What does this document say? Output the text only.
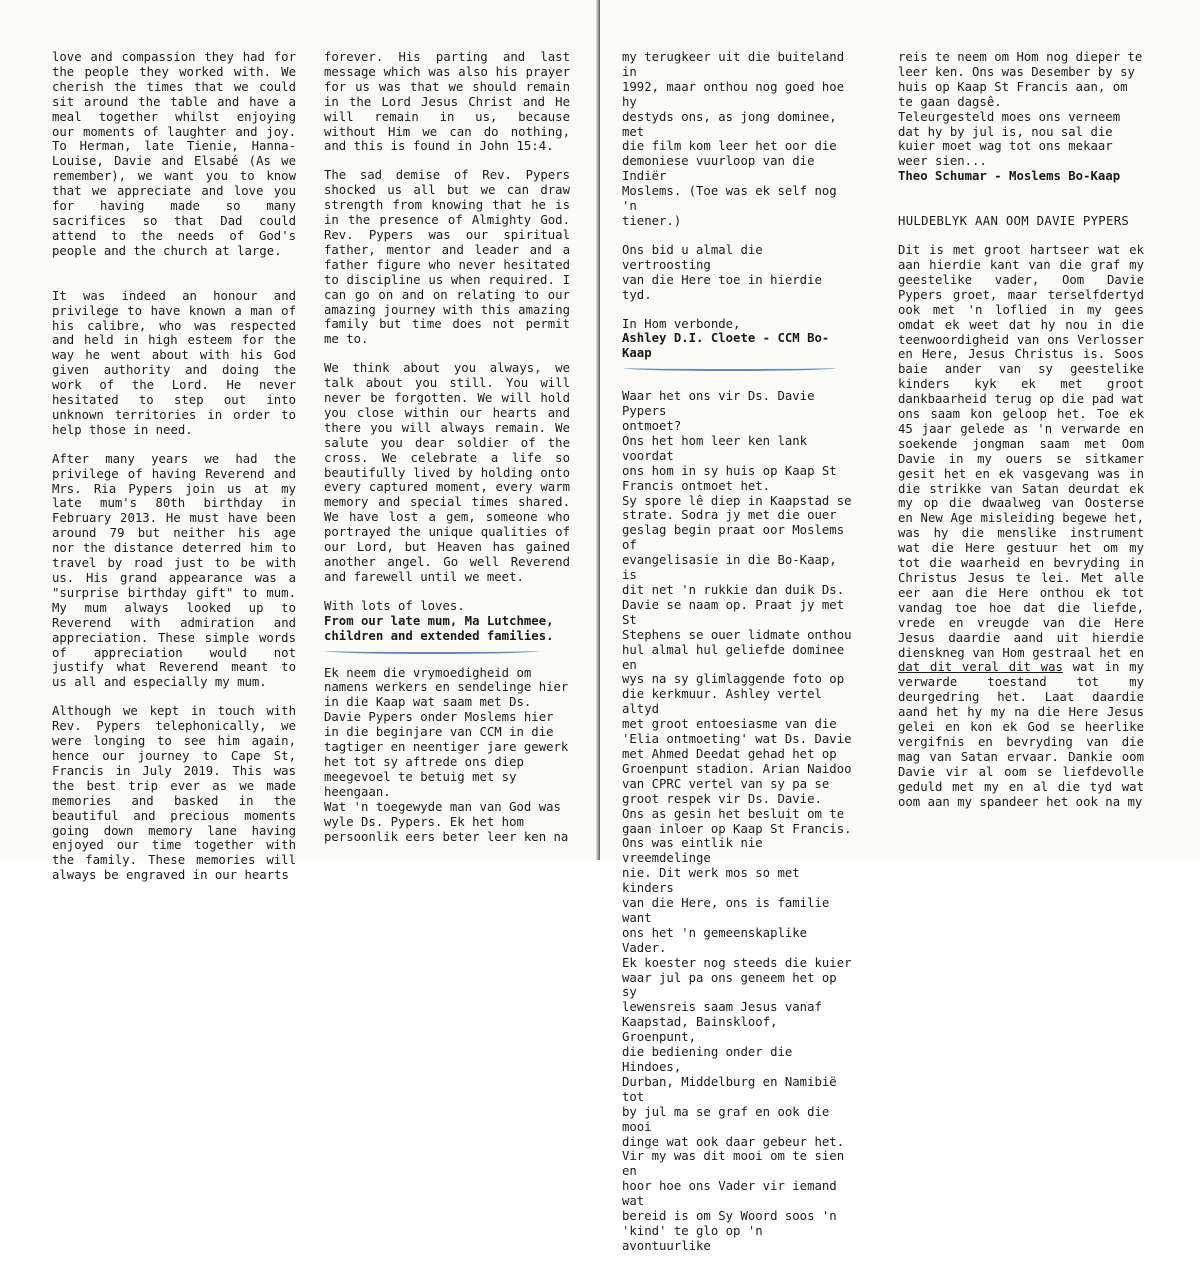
love and compassion they had for the people they worked with. We cherish the times that we could sit around the table and have a meal together whilst enjoying our moments of laughter and joy. To Herman, late Tienie, Hanna-Louise, Davie and Elsabé (As we remember), we want you to know that we appreciate and love you for having made so many sacrifices so that Dad could attend to the needs of God's people and the church at large.

It was indeed an honour and privilege to have known a man of his calibre, who was respected and held in high esteem for the way he went about with his God given authority and doing the work of the Lord. He never hesitated to step out into unknown territories in order to help those in need.

After many years we had the privilege of having Reverend and Mrs. Ria Pypers join us at my late mum's 80th birthday in February 2013. He must have been around 79 but neither his age nor the distance deterred him to travel by road just to be with us. His grand appearance was a "surprise birthday gift" to mum. My mum always looked up to Reverend with admiration and appreciation. These simple words of appreciation would not justify what Reverend meant to us all and especially my mum.

Although we kept in touch with Rev. Pypers telephonically, we were longing to see him again, hence our journey to Cape St, Francis in July 2019. This was the best trip ever as we made memories and basked in the beautiful and precious moments going down memory lane having enjoyed our time together with the family. These memories will always be engraved in our hearts

forever. His parting and last message which was also his prayer for us was that we should remain in the Lord Jesus Christ and He will remain in us, because without Him we can do nothing, and this is found in John 15:4.

The sad demise of Rev. Pypers shocked us all but we can draw strength from knowing that he is in the presence of Almighty God. Rev. Pypers was our spiritual father, mentor and leader and a father figure who never hesitated to discipline us when required. I can go on and on relating to our amazing journey with this amazing family but time does not permit me to.

We think about you always, we talk about you still. You will never be forgotten. We will hold you close within our hearts and there you will always remain. We salute you dear soldier of the cross. We celebrate a life so beautifully lived by holding onto every captured moment, every warm memory and special times shared. We have lost a gem, someone who portrayed the unique qualities of our Lord, but Heaven has gained another angel. Go well Reverend and farewell until we meet.

With lots of loves.

From our late mum, Ma Lutchmee, children and extended families.

Ek neem die vrymoedigheid om
namens werkers en sendelinge hier
in die Kaap wat saam met Ds.
Davie Pypers onder Moslems hier
in die beginjare van CCM in die
tagtiger en neentiger jare gewerk
het tot sy aftrede ons diep
meegevoel te betuig met sy
heengaan.
Wat 'n toegewyde man van God was
wyle Ds. Pypers. Ek het hom
persoonlik eers beter leer ken na

my terugkeer uit die buiteland in
1992, maar onthou nog goed hoe hy
destyds ons, as jong dominee, met
die film kom leer het oor die
demoniese vuurloop van die Indiër
Moslems. (Toe was ek self nog 'n
tiener.)

Ons bid u almal die vertroosting
van die Here toe in hierdie tyd.

In Hom verbonde,

Ashley D.I. Cloete - CCM Bo-Kaap

Waar het ons vir Ds. Davie Pypers
ontmoet?
Ons het hom leer ken lank voordat
ons hom in sy huis op Kaap St
Francis ontmoet het.
Sy spore lê diep in Kaapstad se
strate. Sodra jy met die ouer
geslag begin praat oor Moslems of
evangelisasie in die Bo-Kaap, is
dit net 'n rukkie dan duik Ds.
Davie se naam op. Praat jy met St
Stephens se ouer lidmate onthou
hul almal hul geliefde dominee en
wys na sy glimlaggende foto op
die kerkmuur. Ashley vertel altyd
met groot entoesiasme van die
'Elia ontmoeting' wat Ds. Davie
met Ahmed Deedat gehad het op
Groenpunt stadion. Arian Naidoo
van CPRC vertel van sy pa se
groot respek vir Ds. Davie.
Ons as gesin het besluit om te
gaan inloer op Kaap St Francis.
Ons was eintlik nie vreemdelinge
nie. Dit werk mos so met kinders
van die Here, ons is familie want
ons het 'n gemeenskaplike Vader.
Ek koester nog steeds die kuier
waar jul pa ons geneem het op sy
lewensreis saam Jesus vanaf
Kaapstad, Bainskloof, Groenpunt,
die bediening onder die Hindoes,
Durban, Middelburg en Namibië tot
by jul ma se graf en ook die mooi
dinge wat ook daar gebeur het.
Vir my was dit mooi om te sien en
hoor hoe ons Vader vir iemand wat
bereid is om Sy Woord soos 'n
'kind' te glo op 'n avontuurlike

reis te neem om Hom nog dieper te
leer ken. Ons was Desember by sy
huis op Kaap St Francis aan, om
te gaan dagsê.
Teleurgesteld moes ons verneem
dat hy by jul is, nou sal die
kuier moet wag tot ons mekaar
weer sien...

Theo Schumar - Moslems Bo-Kaap

HULDEBLYK AAN OOM DAVIE PYPERS

Dit is met groot hartseer wat ek aan hierdie kant van die graf my geestelike vader, Oom Davie Pypers groet, maar terselfdertyd ook met 'n loflied in my gees omdat ek weet dat hy nou in die teenwoordigheid van ons Verlosser en Here, Jesus Christus is. Soos baie ander van sy geestelike kinders kyk ek met groot dankbaarheid terug op die pad wat ons saam kon geloop het. Toe ek 45 jaar gelede as 'n verwarde en soekende jongman saam met Oom Davie in my ouers se sitkamer gesit het en ek vasgevang was in die strikke van Satan deurdat ek my op die dwaalweg van Oosterse en New Age misleiding begewe het, was hy die menslike instrument wat die Here gestuur het om my tot die waarheid en bevryding in Christus Jesus te lei. Met alle eer aan die Here onthou ek tot vandag toe hoe dat die liefde, vrede en vreugde van die Here Jesus daardie aand uit hierdie dienskneg van Hom gestraal het en dat dit veral dit was wat in my verwarde toestand tot my deurgedring het. Laat daardie aand het hy my na die Here Jesus gelei en kon ek God se heerlike vergifnis en bevryding van die mag van Satan ervaar. Dankie oom Davie vir al oom se liefdevolle geduld met my en al die tyd wat oom aan my spandeer het ook na my
